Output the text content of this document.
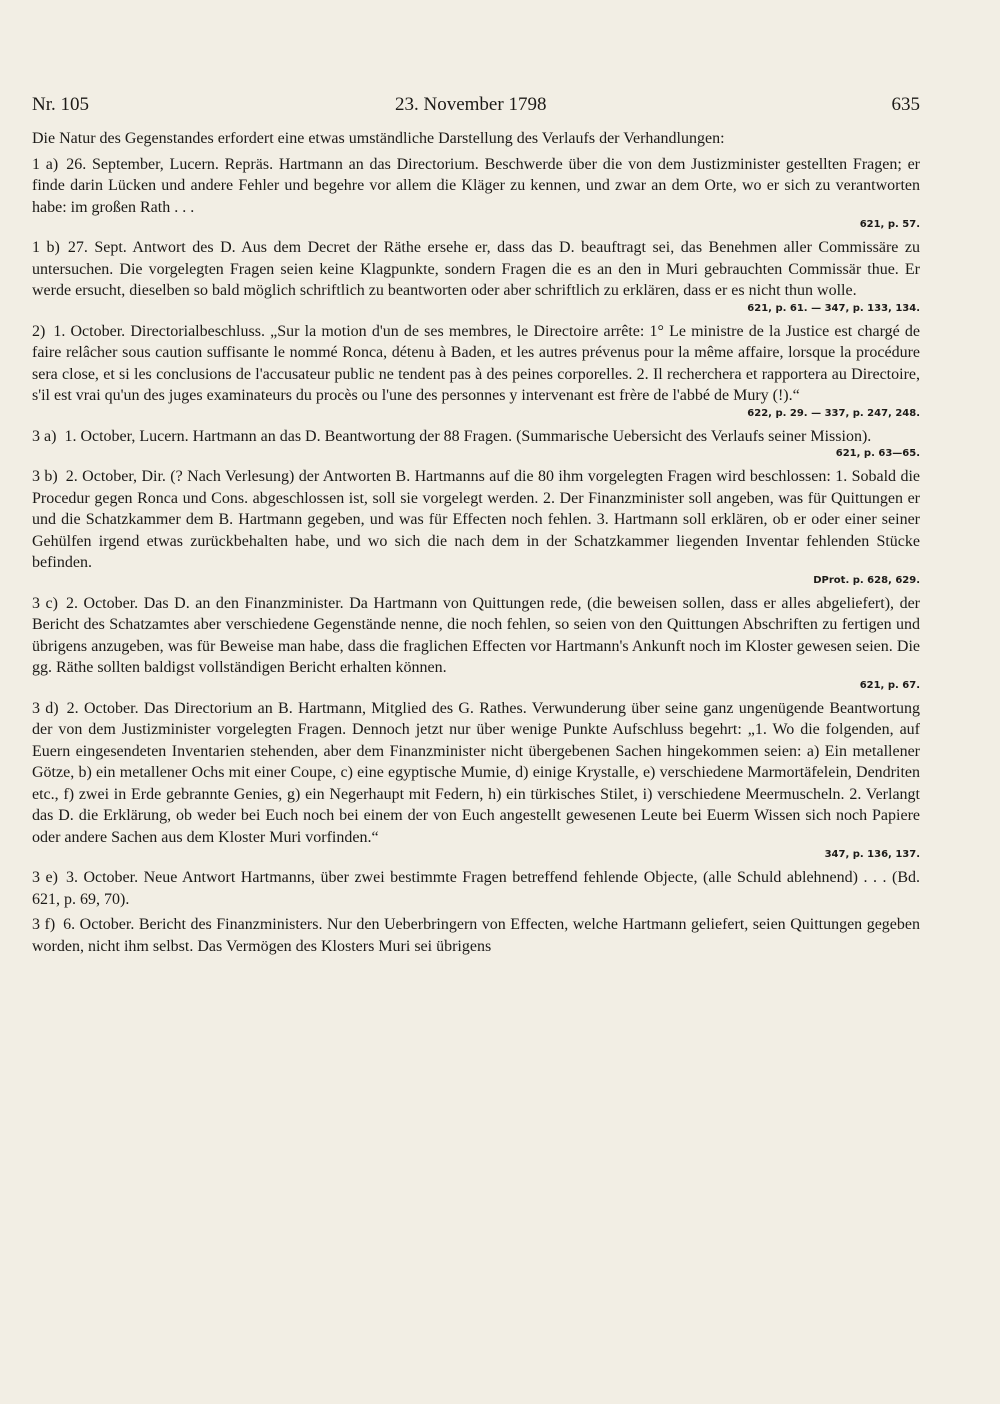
Nr. 105	23. November 1798	635

Die Natur des Gegenstandes erfordert eine etwas umständliche Darstellung des Verlaufs der Verhandlungen:

1 a) 26. September, Lucern. Repräs. Hartmann an das Directorium. Beschwerde über die von dem Justizminister gestellten Fragen; er finde darin Lücken und andere Fehler und begehre vor allem die Kläger zu kennen, und zwar an dem Orte, wo er sich zu verantworten habe: im großen Rath . . .
621, p. 57.

1 b) 27. Sept. Antwort des D. Aus dem Decret der Räthe ersehe er, dass das D. beauftragt sei, das Benehmen aller Commissäre zu untersuchen. Die vorgelegten Fragen seien keine Klagpunkte, sondern Fragen die es an den in Muri gebrauchten Commissär thue. Er werde ersucht, dieselben so bald möglich schriftlich zu beantworten oder aber schriftlich zu erklären, dass er es nicht thun wolle.
621, p. 61. — 347, p. 133, 134.

2) 1. October. Directorialbeschluss. „Sur la motion d'un de ses membres, le Directoire arrête: 1° Le ministre de la Justice est chargé de faire relâcher sous caution suffisante le nommé Ronca, détenu à Baden, et les autres prévenus pour la même affaire, lorsque la procédure sera close, et si les conclusions de l'accusateur public ne tendent pas à des peines corporelles. 2. Il recherchera et rapportera au Directoire, s'il est vrai qu'un des juges examinateurs du procès ou l'une des personnes y intervenant est frère de l'abbé de Mury (!).“
622, p. 29. — 337, p. 247, 248.

3 a) 1. October, Lucern. Hartmann an das D. Beantwortung der 88 Fragen. (Summarische Uebersicht des Verlaufs seiner Mission).
621, p. 63—65.

3 b) 2. October, Dir. (? Nach Verlesung) der Antworten B. Hartmanns auf die 80 ihm vorgelegten Fragen wird beschlossen: 1. Sobald die Procedur gegen Ronca und Cons. abgeschlossen ist, soll sie vorgelegt werden. 2. Der Finanzminister soll angeben, was für Quittungen er und die Schatzkammer dem B. Hartmann gegeben, und was für Effecten noch fehlen. 3. Hartmann soll erklären, ob er oder einer seiner Gehülfen irgend etwas zurückbehalten habe, und wo sich die nach dem in der Schatzkammer liegenden Inventar fehlenden Stücke befinden.
DProt. p. 628, 629.

3 c) 2. October. Das D. an den Finanzminister. Da Hartmann von Quittungen rede, (die beweisen sollen, dass er alles abgeliefert), der Bericht des Schatzamtes aber verschiedene Gegenstände nenne, die noch fehlen, so seien von den Quittungen Abschriften zu fertigen und übrigens anzugeben, was für Beweise man habe, dass die fraglichen Effecten vor Hartmann's Ankunft noch im Kloster gewesen seien. Die gg. Räthe sollten baldigst vollständigen Bericht erhalten können.
621, p. 67.

3 d) 2. October. Das Directorium an B. Hartmann, Mitglied des G. Rathes. Verwunderung über seine ganz ungenügende Beantwortung der von dem Justizminister vorgelegten Fragen. Dennoch jetzt nur über wenige Punkte Aufschluss begehrt: „1. Wo die folgenden, auf Euern eingesendeten Inventarien stehenden, aber dem Finanzminister nicht übergebenen Sachen hingekommen seien: a) Ein metallener Götze, b) ein metallener Ochs mit einer Coupe, c) eine egyptische Mumie, d) einige Krystalle, e) verschiedene Marmortäfelein, Dendriten etc., f) zwei in Erde gebrannte Genies, g) ein Negerhaupt mit Federn, h) ein türkisches Stilet, i) verschiedene Meermuscheln. 2. Verlangt das D. die Erklärung, ob weder bei Euch noch bei einem der von Euch angestellt gewesenen Leute bei Euerm Wissen sich noch Papiere oder andere Sachen aus dem Kloster Muri vorfinden.“
347, p. 136, 137.

3 e) 3. October. Neue Antwort Hartmanns, über zwei bestimmte Fragen betreffend fehlende Objecte, (alle Schuld ablehnend) . . . (Bd. 621, p. 69, 70).

3 f) 6. October. Bericht des Finanzministers. Nur den Ueberbringern von Effecten, welche Hartmann geliefert, seien Quittungen gegeben worden, nicht ihm selbst. Das Vermögen des Klosters Muri sei übrigens
